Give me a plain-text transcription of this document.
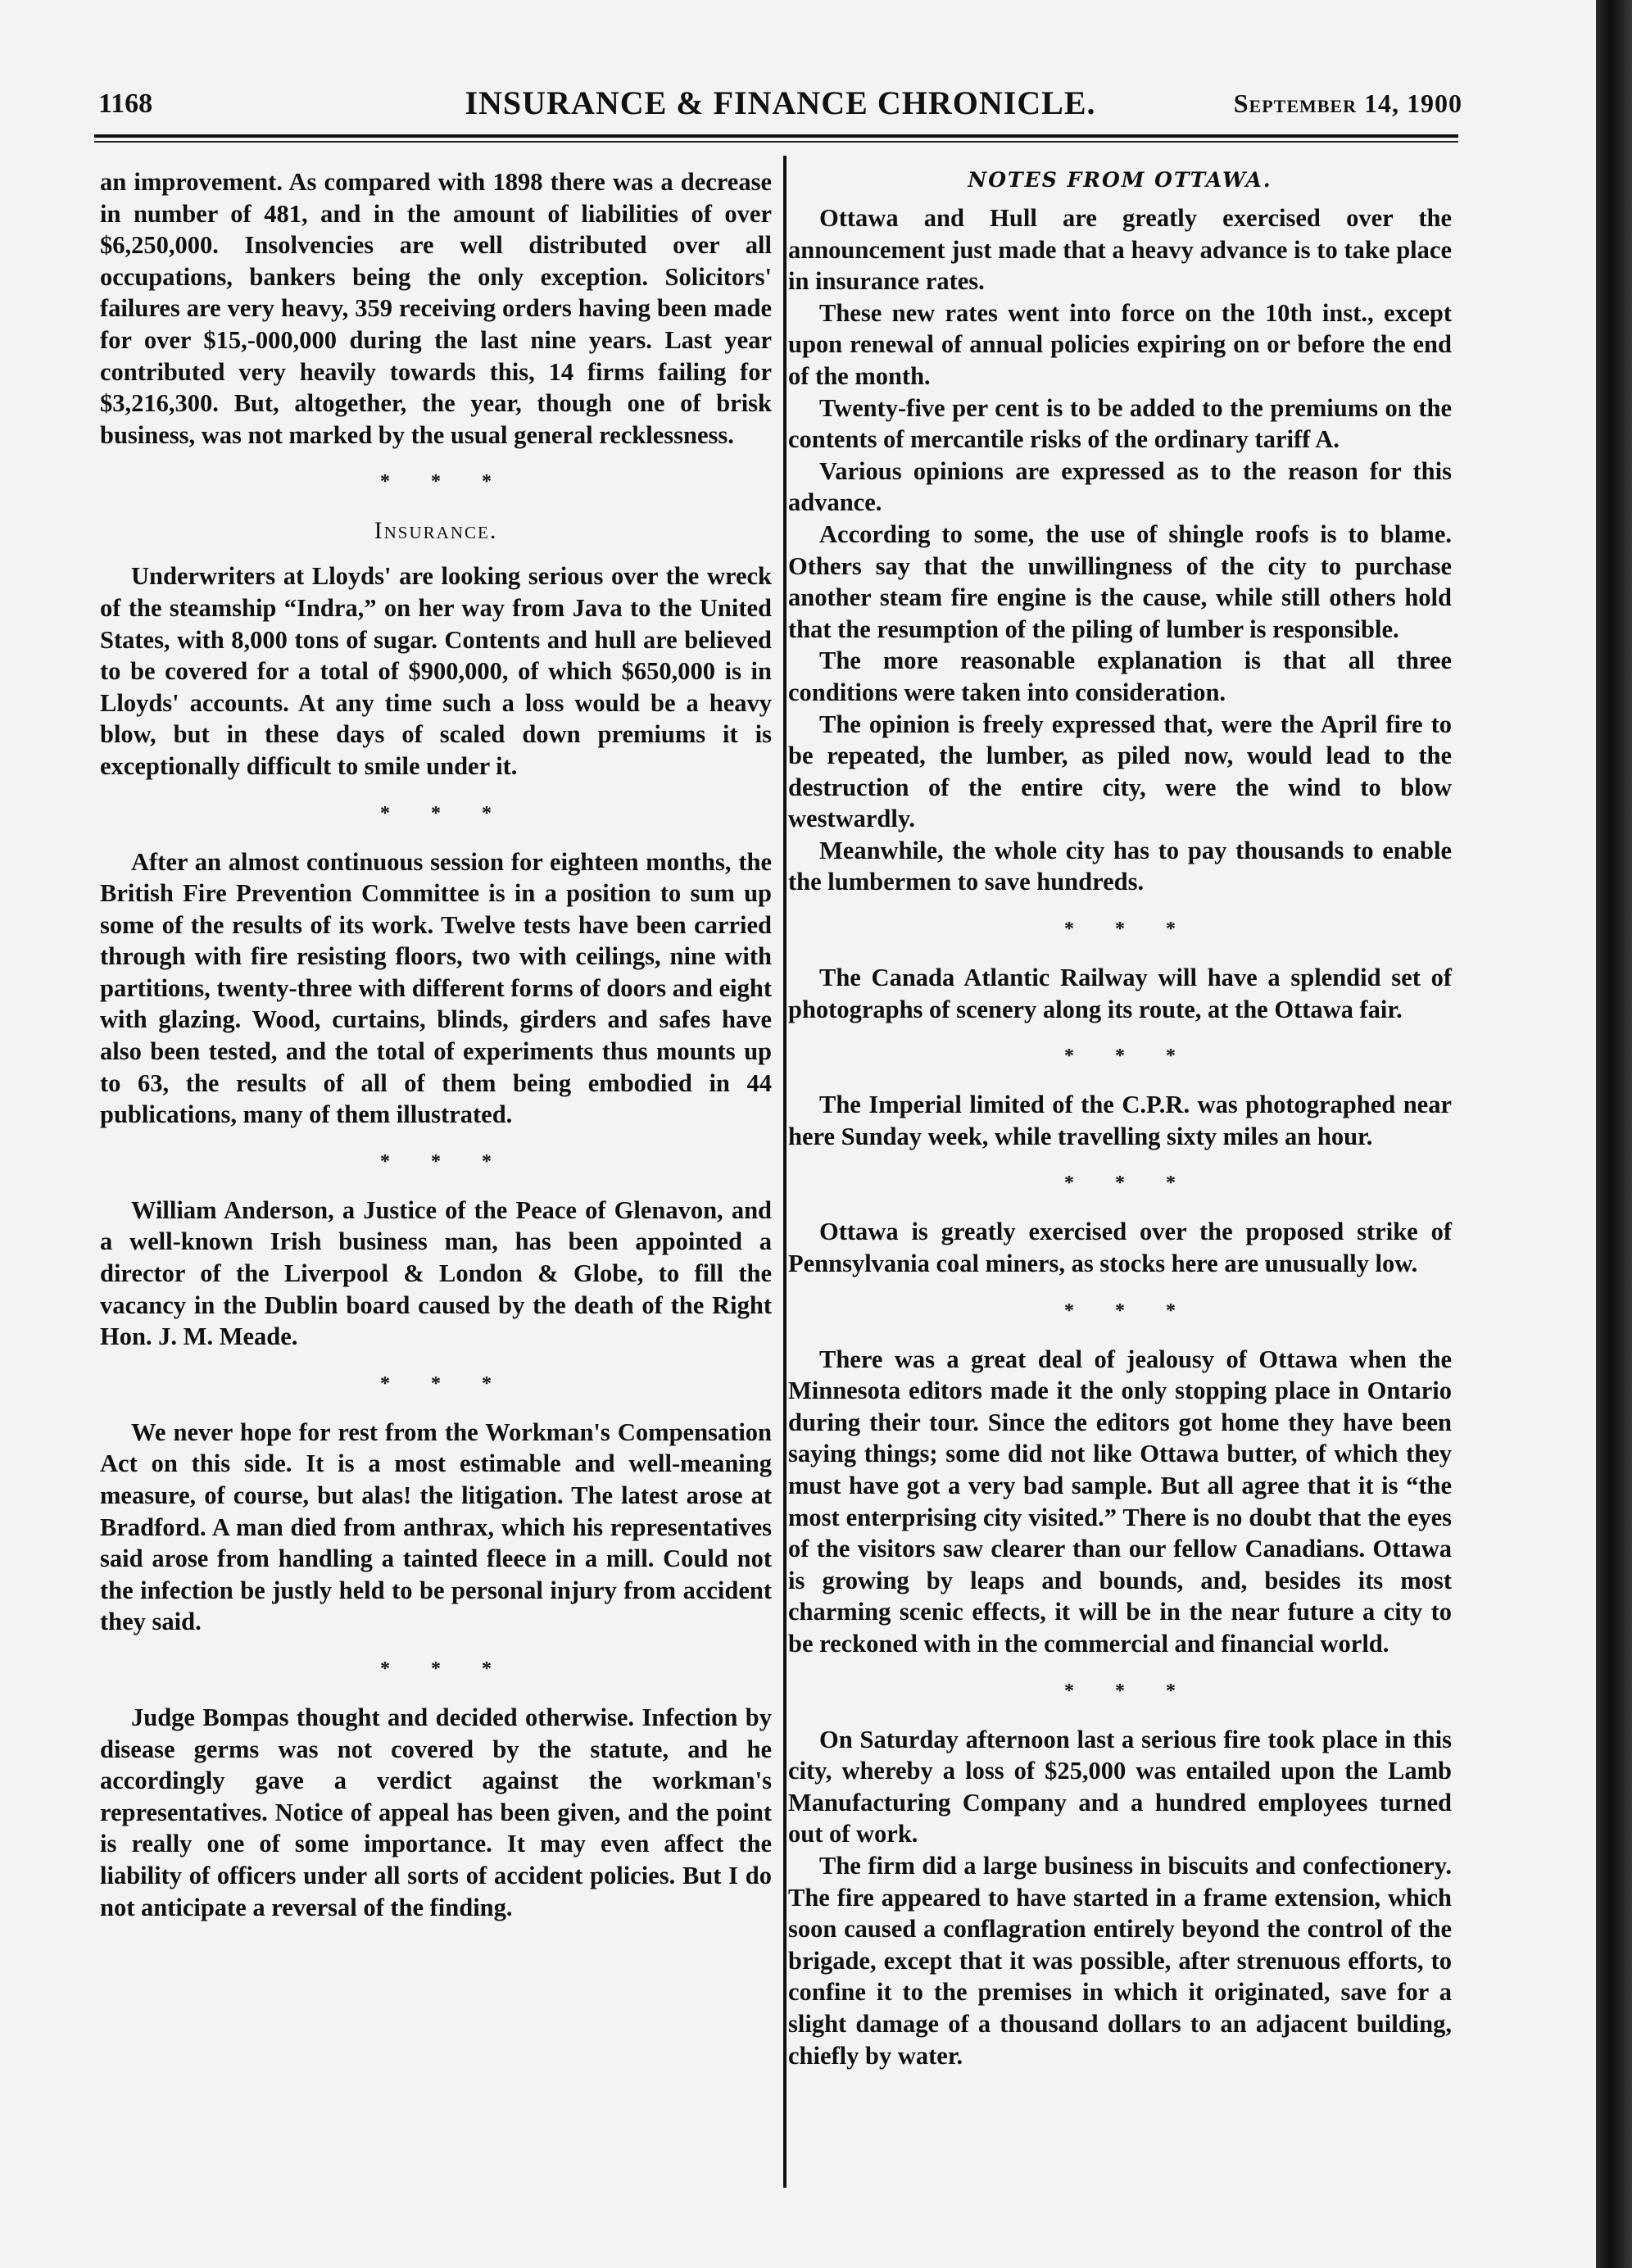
1168	INSURANCE & FINANCE CHRONICLE.	September 14, 1900

an improvement. As compared with 1898 there was a decrease in number of 481, and in the amount of liabilities of over $6,250,000. Insolvencies are well distributed over all occupations, bankers being the only exception. Solicitors' failures are very heavy, 359 receiving orders having been made for over $15,-000,000 during the last nine years. Last year contributed very heavily towards this, 14 firms failing for $3,216,300. But, altogether, the year, though one of brisk business, was not marked by the usual general recklessness.

* * *
Insurance.

Underwriters at Lloyds' are looking serious over the wreck of the steamship “Indra,” on her way from Java to the United States, with 8,000 tons of sugar. Contents and hull are believed to be covered for a total of $900,000, of which $650,000 is in Lloyds' accounts. At any time such a loss would be a heavy blow, but in these days of scaled down premiums it is exceptionally difficult to smile under it.

* * *

After an almost continuous session for eighteen months, the British Fire Prevention Committee is in a position to sum up some of the results of its work. Twelve tests have been carried through with fire resisting floors, two with ceilings, nine with partitions, twenty-three with different forms of doors and eight with glazing. Wood, curtains, blinds, girders and safes have also been tested, and the total of experiments thus mounts up to 63, the results of all of them being embodied in 44 publications, many of them illustrated.

* * *

William Anderson, a Justice of the Peace of Glenavon, and a well-known Irish business man, has been appointed a director of the Liverpool & London & Globe, to fill the vacancy in the Dublin board caused by the death of the Right Hon. J. M. Meade.

* * *

We never hope for rest from the Workman's Compensation Act on this side. It is a most estimable and well-meaning measure, of course, but alas! the litigation. The latest arose at Bradford. A man died from anthrax, which his representatives said arose from handling a tainted fleece in a mill. Could not the infection be justly held to be personal injury from accident they said.

* * *

Judge Bompas thought and decided otherwise. Infection by disease germs was not covered by the statute, and he accordingly gave a verdict against the workman's representatives. Notice of appeal has been given, and the point is really one of some importance. It may even affect the liability of officers under all sorts of accident policies. But I do not anticipate a reversal of the finding.

NOTES FROM OTTAWA.

Ottawa and Hull are greatly exercised over the announcement just made that a heavy advance is to take place in insurance rates.

These new rates went into force on the 10th inst., except upon renewal of annual policies expiring on or before the end of the month.

Twenty-five per cent is to be added to the premiums on the contents of mercantile risks of the ordinary tariff A.

Various opinions are expressed as to the reason for this advance.

According to some, the use of shingle roofs is to blame. Others say that the unwillingness of the city to purchase another steam fire engine is the cause, while still others hold that the resumption of the piling of lumber is responsible.

The more reasonable explanation is that all three conditions were taken into consideration.

The opinion is freely expressed that, were the April fire to be repeated, the lumber, as piled now, would lead to the destruction of the entire city, were the wind to blow westwardly.

Meanwhile, the whole city has to pay thousands to enable the lumbermen to save hundreds.

* * *

The Canada Atlantic Railway will have a splendid set of photographs of scenery along its route, at the Ottawa fair.

* * *

The Imperial limited of the C.P.R. was photographed near here Sunday week, while travelling sixty miles an hour.

* * *

Ottawa is greatly exercised over the proposed strike of Pennsylvania coal miners, as stocks here are unusually low.

* * *

There was a great deal of jealousy of Ottawa when the Minnesota editors made it the only stopping place in Ontario during their tour. Since the editors got home they have been saying things; some did not like Ottawa butter, of which they must have got a very bad sample. But all agree that it is “the most enterprising city visited.” There is no doubt that the eyes of the visitors saw clearer than our fellow Canadians. Ottawa is growing by leaps and bounds, and, besides its most charming scenic effects, it will be in the near future a city to be reckoned with in the commercial and financial world.

* * *

On Saturday afternoon last a serious fire took place in this city, whereby a loss of $25,000 was entailed upon the Lamb Manufacturing Company and a hundred employees turned out of work.

The firm did a large business in biscuits and confectionery. The fire appeared to have started in a frame extension, which soon caused a conflagration entirely beyond the control of the brigade, except that it was possible, after strenuous efforts, to confine it to the premises in which it originated, save for a slight damage of a thousand dollars to an adjacent building, chiefly by water.
